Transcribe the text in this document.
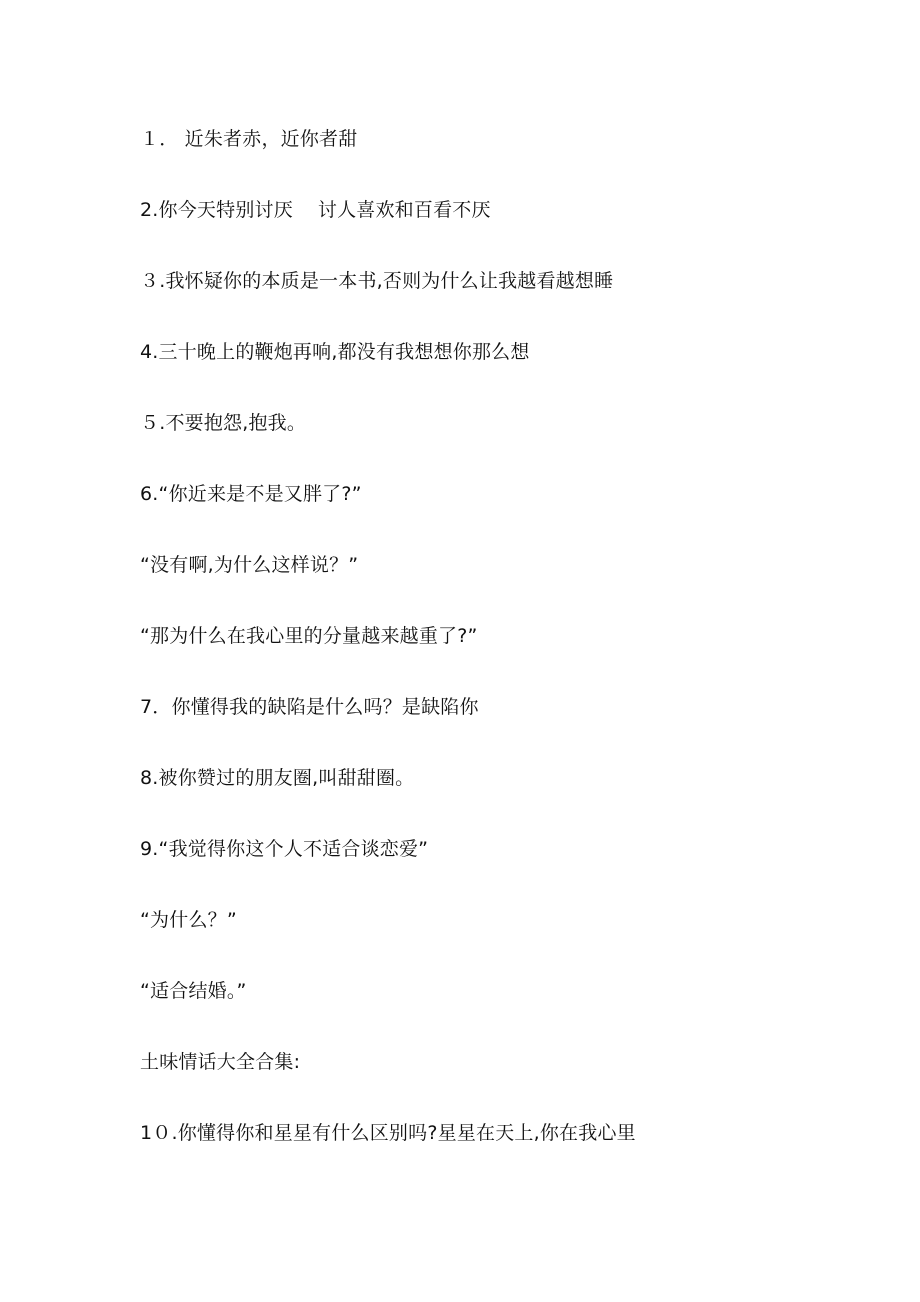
１． 近朱者赤，近你者甜
2.你今天特别讨厌    讨人喜欢和百看不厌
３.我怀疑你的本质是一本书,否则为什么让我越看越想睡
4.三十晚上的鞭炮再响,都没有我想想你那么想
５.不要抱怨,抱我。
6.“你近来是不是又胖了?”
“没有啊,为什么这样说？”
“那为什么在我心里的分量越来越重了?”
7．你懂得我的缺陷是什么吗？是缺陷你
8.被你赞过的朋友圈,叫甜甜圈。
9.“我觉得你这个人不适合谈恋爱”
“为什么？”
“适合结婚。”
土味情话大全合集:
1０.你懂得你和星星有什么区别吗?星星在天上,你在我心里
